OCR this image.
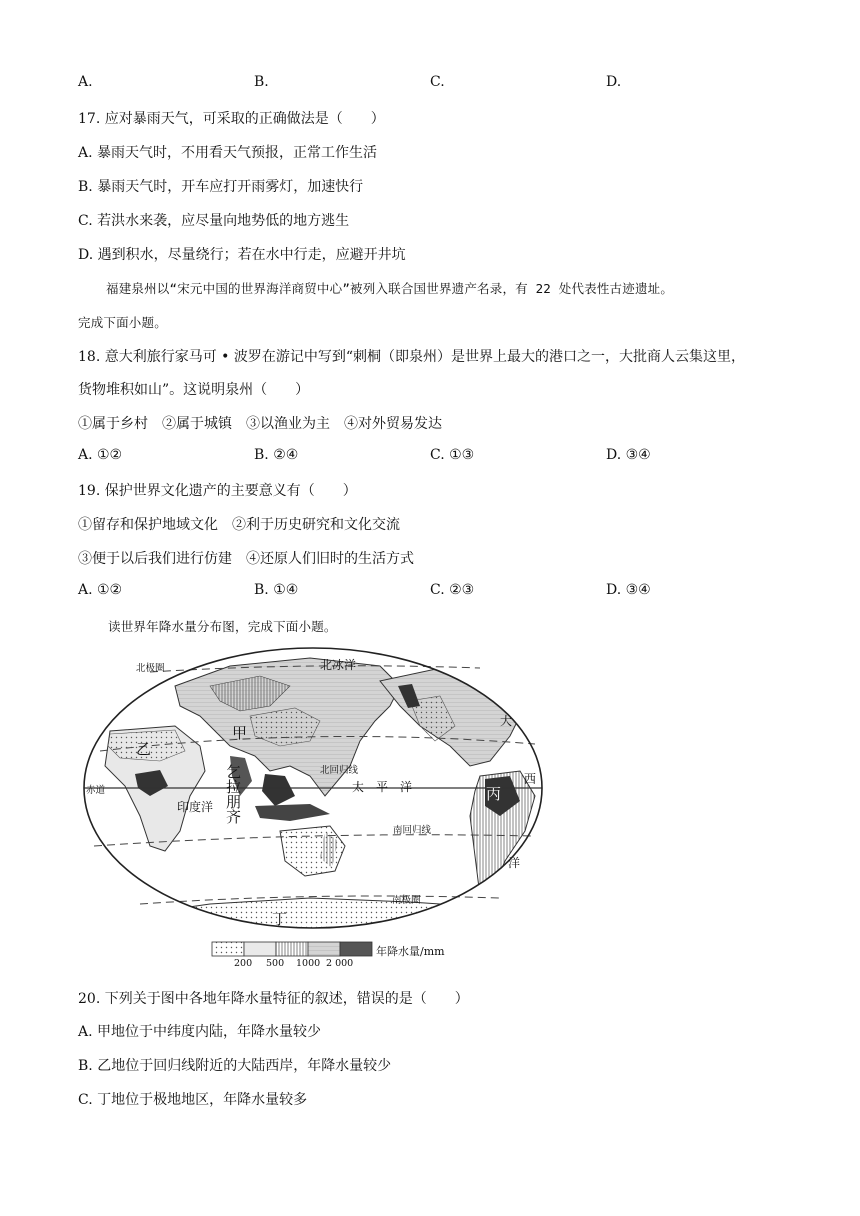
A.	B.	C.	D.
17. 应对暴雨天气，可采取的正确做法是（　　）
A. 暴雨天气时，不用看天气预报，正常工作生活
B. 暴雨天气时，开车应打开雨雾灯，加速快行
C. 若洪水来袭，应尽量向地势低的地方逃生
D. 遇到积水，尽量绕行；若在水中行走，应避开井坑
福建泉州以“宋元中国的世界海洋商贸中心”被列入联合国世界遗产名录，有 22 处代表性古迹遗址。
完成下面小题。
18. 意大利旅行家马可 • 波罗在游记中写到“刺桐（即泉州）是世界上最大的港口之一，大批商人云集这里，
货物堆积如山”。这说明泉州（　　）
①属于乡村　②属于城镇　③以渔业为主　④对外贸易发达
A. ①②	B. ②④	C. ①③	D. ③④
19. 保护世界文化遗产的主要意义有（　　）
①留存和保护地域文化　②利于历史研究和文化交流
③便于以后我们进行仿建　④还原人们旧时的生活方式
A. ①②	B. ①④	C. ②③	D. ③④
读世界年降水量分布图，完成下面小题。
北极圈	北冰洋
甲
乙
乞拉朋齐
赤道
印度洋
北回归线
太 平 洋	丙
大
西
洋
南回归线
南极圈
丁
200 500 1000 2 000
年降水量/mm
20. 下列关于图中各地年降水量特征的叙述，错误的是（　　）
A. 甲地位于中纬度内陆，年降水量较少
B. 乙地位于回归线附近的大陆西岸，年降水量较少
C. 丁地位于极地地区，年降水量较多
